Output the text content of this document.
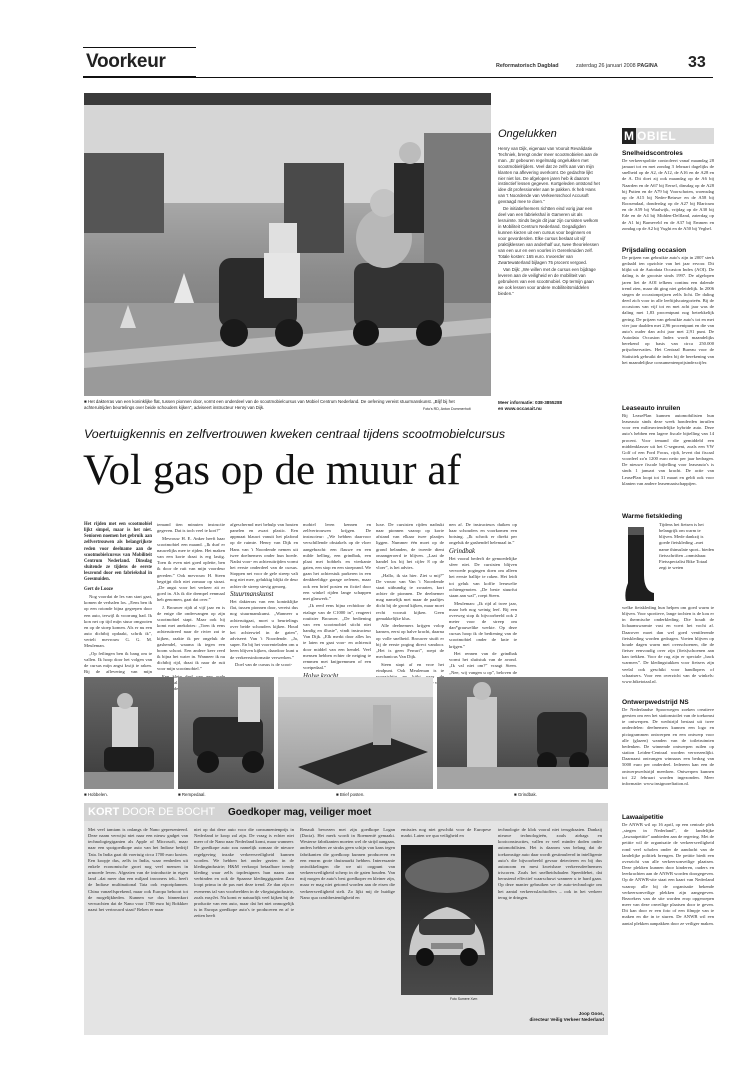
Voorkeur	Reformatorisch Dagblad	zaterdag 26 januari 2008 PAGINA 33
■ Het dakterras van een koninklijke flat, tussen pionnen door, vormt een onderdeel van de scootmobielcursus van Mobiel Centrum Nederland. De oefening vereist stuurmanskunst. „Blijf bij het achteruitrijden beurtelings over beide schouders kijken”, adviseert instructeur Henry van Dijk.	Foto's RD, Anton Dommerholt
Ongelukken

Henry van Dijk, eigenaar van Vooruit Revalidatie Techniek, brengt onder meer scootmobielen aan de man. „Er gebeuren regelmatig ongelukken met scootmobielrijders. Veel dat ze zelfs aan van mijn klanten na aflevering overkomt. De gedachte lijkt nier niet los. De afgelopen jaren heb ik daarom instinctief lessen gegeven. Kortgeleden ontstond het idee dit professioneler aan te pakken. Ik heb Hans van 't Noordende van Verkeersschool Accusoft gevraagd mee te doen.”

De initiatiefnemers richtten eind vorig jaar een deel van een fabriekshal in Gameren uit als lesruimte. Sinds begin dit jaar zijn cursisten welkom in Mobiliteit Centrum Nederland. Gegadigden kunnen kiezen uit een cursus voor beginners en voor gevorderden. Elke cursus beslaat uit vijf praktijklessen van anderhalf uur, twee theorielessen van een uur en een voorles in Gerenkruiden zelf. Totale kosten: 165 euro. Invoerder van Zwartewaterland bijlagen 75 procent vergoed.

Van Dijk: „We willen met de cursus een bijdrage leveren aan de veiligheid en de mobiliteit van gebruikers van een scootmobiel. Op termijn gaan we ook lessen voor andere mobiliteitsmiddelen bieden.”

Meer informatie: 038-3855288
en www.occasait.nu
Voertuigkennis en zelfvertrouwen kweken centraal tijdens scootmobielcursus
Vol gas op de muur af

Het rijden met een scootmobiel lijkt simpel, maar is het niet. Senioren noemen het gebruik aan zelfvertrouwen als belangrijkste reden voor deelname aan de scootmobielcursus van Mobiliteit Centrum Nederland. Dinsdag sluitende ze tijdens de eerste lesavond door een fabriekshal in Geesmuiden.

Gert de Looze

Nog voordat de les van start gaat, komen de verhalen los. „Eens ben ik op een rotonde bijna gegrepen door een auto, terwijl ik voorrang had. Ik kon net op tijd mijn stuur omgooien en op de stoep komen. Als er nu een auto dichtbij opdaakt, schrik ik”, vertelt mevrouw G. G. M. Meuleman.

„Op feilingen ben ik bang om te vallen. Ik hoop door het volgen van de cursus mijn angst kwijt te raken. Bij de aflevering van mijn

iemand tien minuten instructie gegeven. Dat is toch veel te kort?”

Mevrouw H. E. Anker heeft haar scootmobiel een maand. „Ik durf er nauwelijks mee te rijden. Het maken van een korte draai is erg lastig. Toen ik even niet goed oplette, ben ik door de ruit van mijn voordeur gereden.” Ook mevrouw H. Steen begrijpt dich niet zomaar op straat. „De angst voor het verkeer zit er goed in. Als ik die drempel eenmaal heb genomen, gaat dat over.”

J. Brouwer rijdt al vijf jaar en is de enige die ondervangen op zijn scootmobiel stapt. Maar ook hij komt met anekdotes: „Toen ik eens achteruitreed naar de rivier zat te kijken, raakte ik per ongeluk de gashendel, waarna ik tegen een boom schoot. Een andere keer reed ik bijna het water in. Wanneer ik nu dichtbij rijd, draai ik naar de ruit voor mijn scootmobiel.”

afgeschermd met behulp van houten panelen en zwart plastic. Een appmaat blauwt vanuit het plafond op de ruimte. Henry van Dijk en Hans van 't Noordende nemen uit twee doelnemers onder hun hoede. Nadat voor- en achteruitrijden vormt het eerste onderdeel van de cursus. Stoppen net voor de gele streep valt nog niet mee, gelukkig blijkt de deur achter de streep stevig genoeg.

Stuurmanskunst

Het dakterras van een koninklijke flat, tussen pionnen door, vereist dus nog stuurmanskunst. „Wanneer u achteruitgaat, moet u beurtelings over beide schouders kijken. Houd het achterwiel in de gaten”, adviseert Van 't Noordende. „Ja, super. En bij het voorenteladen om u heen blijven kijken, daardoor kunt u de verkeersinformatie verwerken.”

Doel van de cursus is de scoot-

mobiel leren kennen en zelfvertrouwen krijgen. De instructeur: „We hebben daarvoor verschillende obstakels op de vloer aangebracht: een flauwe en een milde helling, een grindbak, een plaat met bobbels en vierkante gaten, een stop en een stoeprand. We gaan het achterstuk parkeren in een denkbeeldige garage oefenen, maar ook een brief posten en fictief door een winkel rijden lange schappen met glaswerk.”

„Ik reed eens bijna rechtdoor de etalage van de C1000 in”, reageert rouitster Brouwer. „De bediening van een scootmobiel sticht niet handig en illuste”, vindt instructeur Van Dijk. „Elk merkt door alles los te laten en gaat voor- en achteruit door middel van een hendel. Veel mensen hebben echter de neiging te remmen met knijpremmen of een voetpedaal.”

luxe. De cursisten rijden nadrukt naar pionnen vaarop op korte afstand van elkaar twee plaatjes liggen. Nummer één moet op de grond belanden, de tweede dient onaangeroerd te blijven. „Laat de handel los bij het cijfer 8 op de vloer”, is het advies.

„Hallo, ik sta hier. Ziet u mij?” De vrouw van Van 't Noordende staat uitbundig te zwaaien, kort achter de pionnen. De deelnemer mag namelijk met maar de paaltjes dicht bij de grond kijken, maar moet recht vooruit kijken. Geen gemakkelijke klus.

Alle deelnemers krijgen volop kansen, eerst op halve kracht, daarna op volle snelheid. Brouwer stuift er bij de eerste poging direct vandoor. „Het is geen Ferrari”, roept de mechanicus Van Dijk.

Steen stapt af en vroe het eindpunt. Ook Meuleman is te

nen af. De instructeurs duiken op haar schouders en voorkomen een botsing. „Ik schrok er direkt per ongeluk de gashendel helemaal in.”

Grindbak

Het vooral bederft de gemoedelijke sfeer niet. De cursisten blijven vervoede pogingen doen om alleen het eerste balltje te raken. Het leidt tot geluk van koffie leeuwelie ochtengenoten. „De beste stuurfut staan aan wal”, roept Steen.

Meuleman: „Ik rijd al twee jaar, maar heb nog weinig leef. Bij een overweg stop ik bijvoorbeeld ook 2 meter voor de streep om dan*grauwelike werkte. Op deze cursus hoop ik de bediening van de scootmobiel onder de knie te krijgen.”

Het rennen van de grindbak vormt het sluitstuk van de avond. „Ik val niet om?” vraagt Steen. „Nee, wij vangen u op”, beloven de

■ Hobbelen.	■ Rempedaal.	■ Brief posten.	■ Grindbak.
KORT DOOR DE BOCHT Goedkoper mag, veiliger moet
Met veel tamtam is onlangs de Nano gepresenteerd. Deze naam verwijst niet naar een nieuw gadget van technologiegiganten als Apple of Microsoft, maar naar een spotgoedkope auto van het Indiase bedrijf Tata. In India gaat dit voertuig circa 1700 euro kosten. Een koopje dus, zelfs in India, waar eenheden uit enkele economische groei nog veel mensen in armoede leven. Afgezien van de introductie in eigen land –dat meer dan een miljard inwoners telt– heeft de Indiase multinational Tata ook exportplannen. China vanzelfsprekend, maar ook Europa behoort tot de mogelijkheden. Kunnen we dus binnenkort verwachten dat de Nano voor 1700 euro bij Bokkker naast het vertrouwd staat? Reken er maar
niet op dat deze auto voor die consumentenprijs in Nederland te koop zal zijn. De vraag is echter niet meer of de Nano naar Nederland komt, maar wanneer. De goedkope auto zou namelijk zomaar de nieuwe regelgeving inzake verkeersveiligheid kunnen worden. We hebben het onder gezien in de kledingindustrie; H&M verkoopt betaalbare trendy kleding waar zelfs topdesigners hun naam aan verbinden en ook de Spaanse kledinggiganten Zara loopt prima in de pas met deze trend. Ze dan zijn er eveneens tal van voorbeelden in de vliegtuigindustrie, zoals easyJet. Nu komt er natuurlijk veel kijken bij de productie van een auto, maar dat het niet onmogelijk is in Europa goedkope auto's te produceren en af te zetten heeft
Renault bewezen met zijn goedkope Logan (Dacia). Het merk wordt in Roemenië gemaakt. Westerse fabrikanten moeten wel de strijd aangaan, anders hebben ze straks geen schijn van kans tegen fabrikanten die goedkoop kunnen produceren en een enorm grote thuismarkt hebben. Interessante ontwikkelingen die we uit oogpunt van verkeersveiligheid scherp in de gaten houden. Van mij mogen de auto's best goedkoper en kleiner zijn, maar er mag niet getornd worden aan de eisen die verkeersveiligheid stelt. Zo lijkt mij de huidige Nano qua crashbestendigheid en
emissies nog niet geschikt voor de Europese markt. Laten we qua veiligheid en
Foto Sumere Xvm
technologie de klok vooral niet terugdraaien. Dankzij nieuwe technologieën, zoals airbags en kooiconstructies, vallen er veel minder doden onder automobilisten. Het is daarom van belang dat de toekomstige auto daar wordt gestimuleerd in intelligente auto's die bijvoorbeeld gevaar detecteren en bij dus autonoom en mest kwetsbare verkeersdeelnemers triscoren. Zoals het snelheidsdaalen Speeddebet, dat berustend effectief waarschuwt wanneer u te hard gaan. Op deze manier gebruiken we de auto-technologie om het aantal verkeersslachtoffers – ook in het verkeer terug te dringen.
Joop Goos,
directeur Veilig Verkeer Nederland
M OBIEL
Snelheidscontroles
De verkeerspolitie controleert vanaf maandag 28 januari tot en met zondag 3 februari dagelijks de snelheid op de A2, de A12, de A16 en de A28 en de A. Dit doet zij ook maandag op de A6 bij Naarden en de A67 bij Eersel, dinsdag op de A28 bij Putten en de A79 bij Voorschoten, woensdag op de A15 bij Neder-Betuwe en de A58 bij Roosendaal, donderdag op de A27 bij Blaricum en de A59 bij Waalwijk, vrijdag op de A30 bij Ede en de A4 bij Midden-Delfland, zaterdag op de A1 bij Barneveld en de A37 bij Emmen en zondag op de A2 bij Vught en de A50 bij Veghel.
Prijsdaling occasion
De prijzen van gebruikte auto's zijn in 2007 sterk gedaald ten opzichte van het jaar ervoor. Dit blijkt uit de Autodata Occasion Index (AOI). De daling is de grootste sinds 1997. De afgelopen jaren liet de AOI telkens continu een dalende trend zien, maar dit ging niet geleidelijk. In 2006 stegen de occasionprijzen zelfs licht. De daling deed zich voor in alle leeftijdscategorieën. Bij de occasions van vijf tot en met acht jaar was de daling met 1,83 procentpunt nog betrekkelijk gering. De prijzen van gebruikte auto's tot en met vier jaar daalden met 2,96 procentpunt en die van auto's ouder dan acht jaar met 2,91 punt. De Autodata Occasion Index wordt maandelijks berekend op basis van circa 250.000 prijsobservaties. Het Centraal Bureau voor de Statistiek gebruikt de index bij de berekening van het maandelijkse consumentenprijsindexcijfer.
Leaseauto inruilen
Bij LeasePlan kunnen automobilisten hun leaseauto sinds deze week honderden inruilen voor een milieuvriendelijke hybride auto. Deze auto's hebben een lagere fiscale bijtelling van 14 procent. Voor iemand die gemiddeld een middenklasser uit het C-segment, zoals een VW Golf of een Ford Focus, rijdt, levert dat fiscaal voordeel zo'n 1200 euro netto per jaar bedragen. De nieuwe fiscale bijtelling voor leaseauto's is sinds 1 januari van kracht. De actie van LeasePlan loopt tot 31 maart en geldt ook voor klanten van andere leasemaatschappijen.
Warme fietskleding
Tijdens het fietsen is het belangrijk om warm te blijven. Mede dankzij is goede fietskleding –met name thinsulate sport– bieden fietsschriften –onmisbaar. Fietsspecialist Bike Totaal zegt te weten
welke fietskleding hun helpen om goed warm te blijven. Voor sportieve, lange tochten is de kou er in thermische onderkleding. Die houdt de lichaamswarmte vast en voert het vocht af. Daarover moet dan wel goed ventilerende fietskleding worden gedragen. Voeten blijven op houde dagen warm met overschoenen, die de fietser eenvoudig over zijn (fiets)schoenen aan kan trekken. Voor de rug zijn er speciale „back warmers”. De kledingstukken voor fietsers zijn veelal ook geschikt voor handlopers of schaatsers. Voor een overzicht van de winkels: www.biketotaal.nl.
Ontwerpwedstrijd NS
De Nederlandse Spoorwegen zoeken creatieve geesten om een het stationstoilet van de toekomst te ontwerpen. De wedstrijd bestaat uit twee onderdelen: deelnemers kunnen een logo en pictogrammen ontwerpen en een ontwerp voor alle (glazen) wanden van de toiletruimten bedenken. De winnende ontwerpen ruilen op station Leiden-Centraal worden verwezenlijkt. Daarnaast ontvangen winnaars een bedrag van 5000 euro per onderdeel. Iedereen kan een de ontwerpwedstrijd meedoen. Ontwerpen kunnen tot 22 februari worden ingezonden. Meer informatie: www.insignoreltation.nl.
Lawaaipetitie
De ANWB wil op 16 april, op een centrale plek „stegen in Nederland”, de landelijke „lawaaipetitie” aanbieden aan de regering. Met de petitie wil de organisatie de verkeersveiligheid rond veel scholen onder de aandacht van de landelijke politiek brengen. De petitie biedt een overzicht van alle verkeersonveilige plaatsen. Deze plekken kunnen door kinderen, ouders en leerkrachten aan de ANWB worden doorgegeven. Op de ANWB-site staat een kaart van Nederland waarop alle bij de organisatie bekende verkeersonveilige plekken zijn aangegeven. Bezoekers van de site worden erop opgeroepen meer van deze onveilige plaatsen door te geven. Dit kan door er een foto of een filmpje van te maken en die in te sturen. De ANWB wil een aantal plekken aanpakken door ze veiliger maken.
